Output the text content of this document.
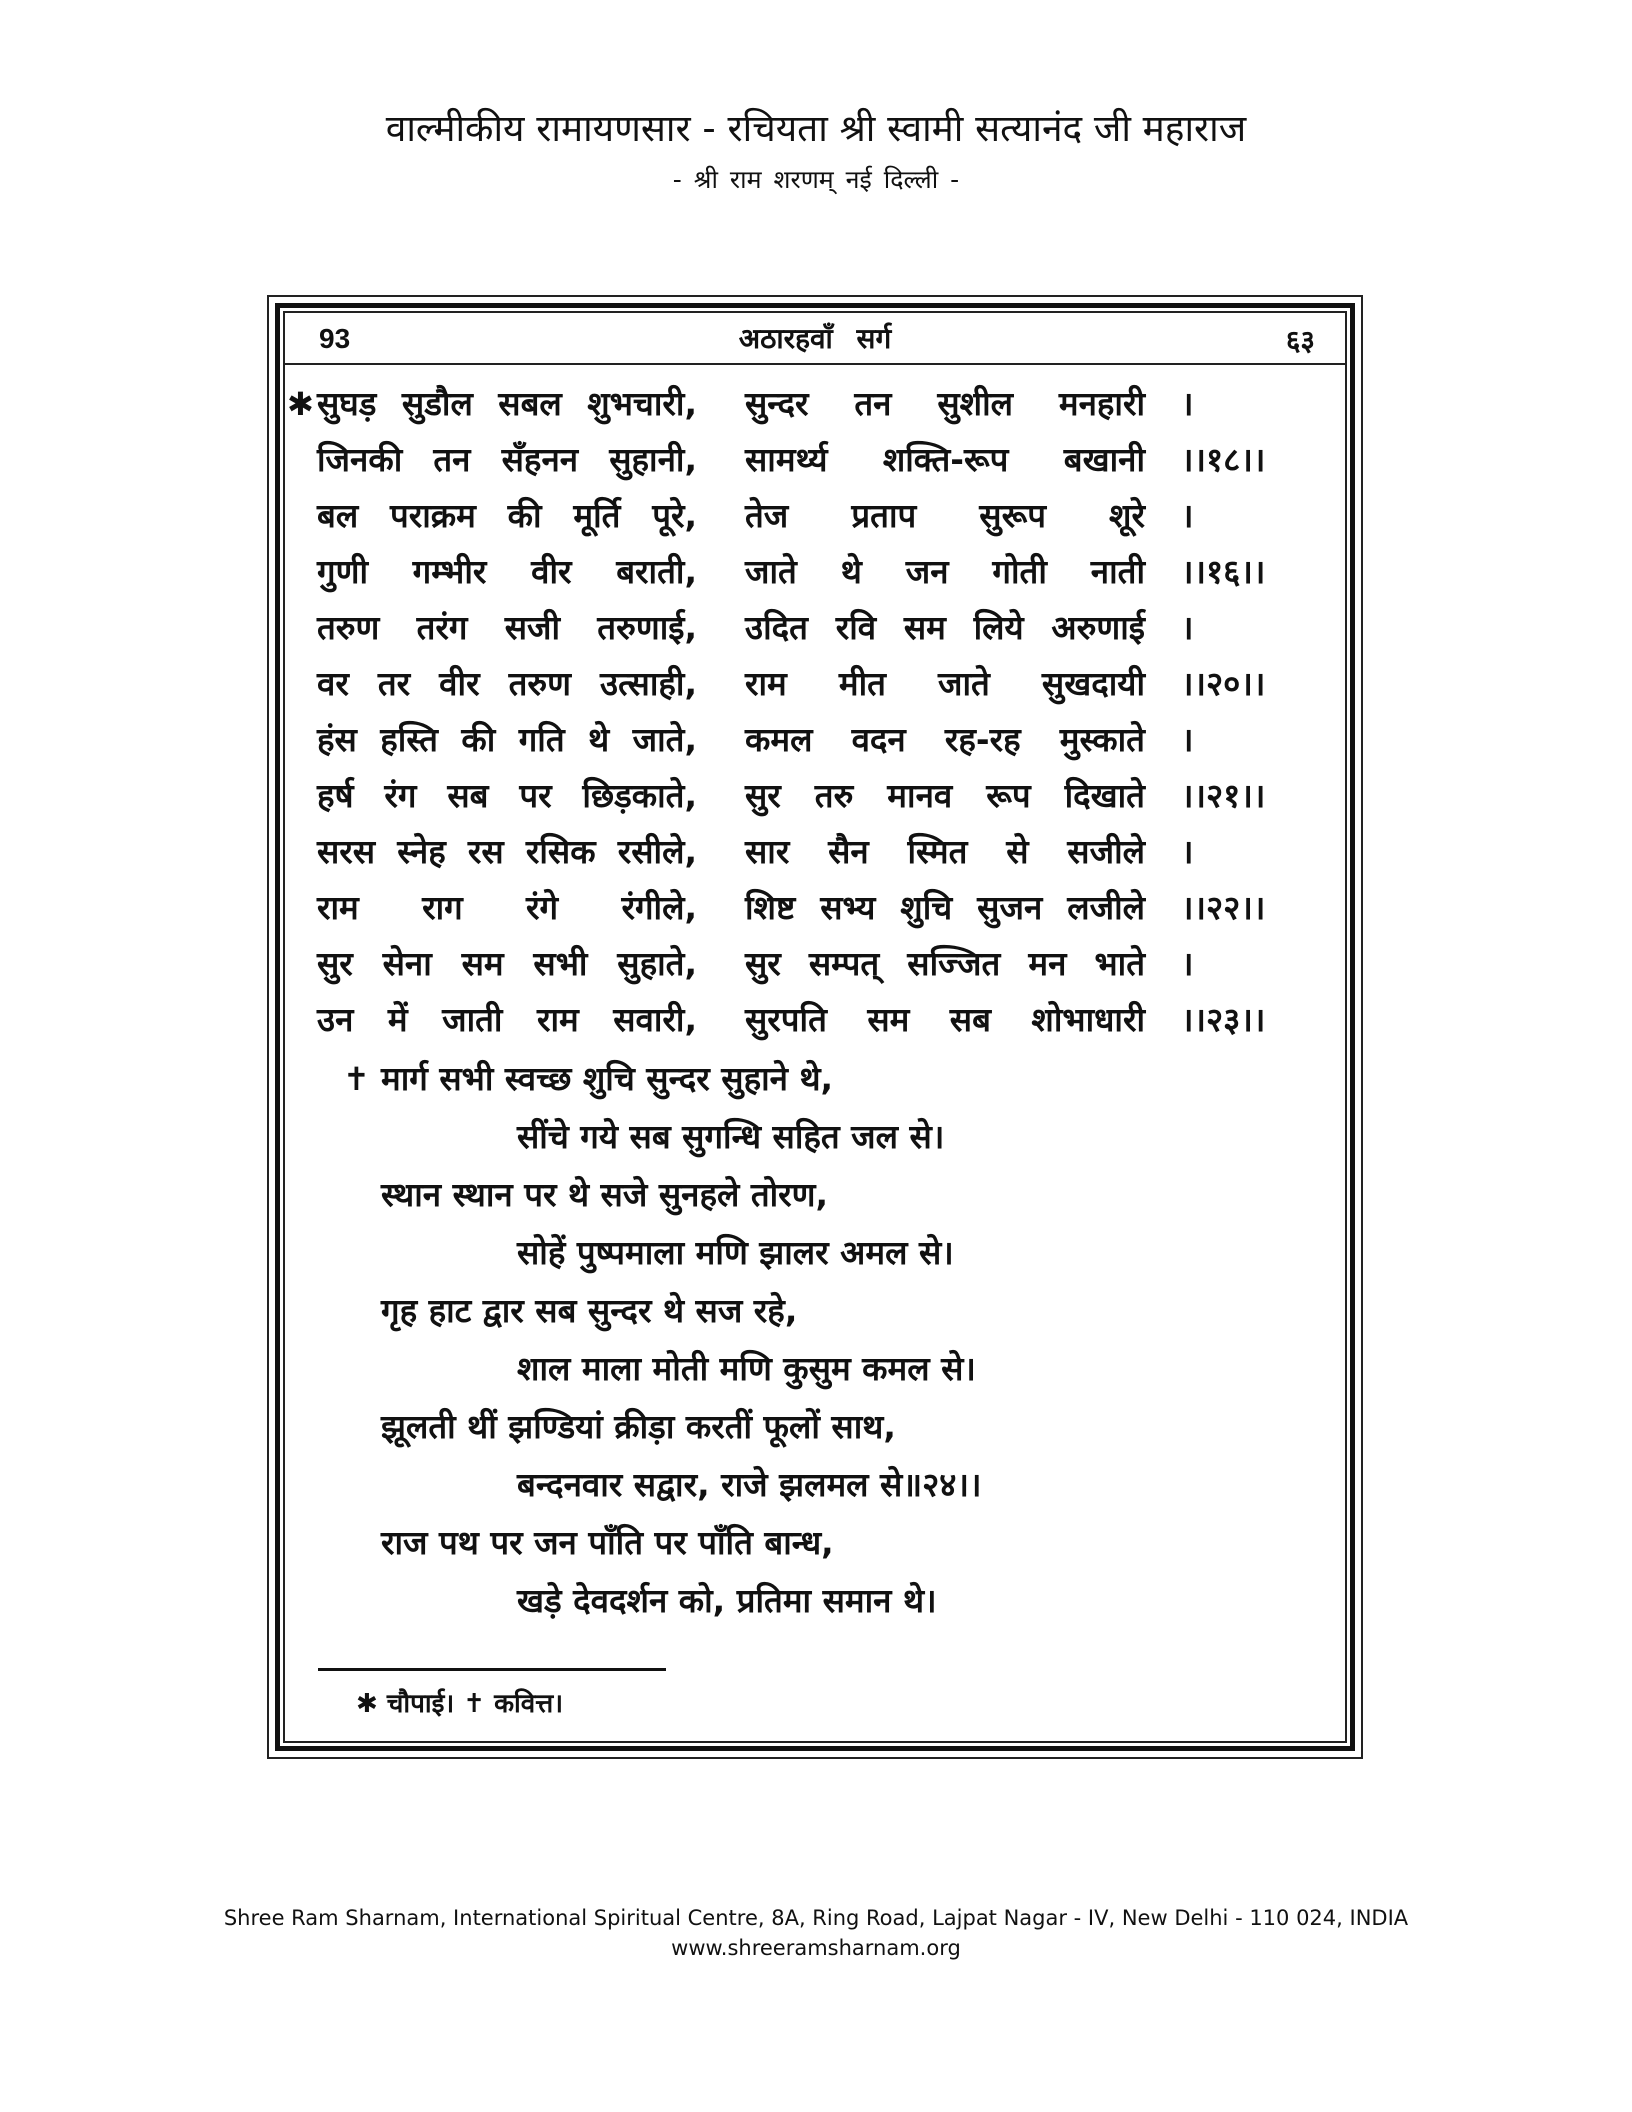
वाल्मीकीय रामायणसार - रचियता श्री स्वामी सत्यानंद जी महाराज
- श्री राम शरणम् नई दिल्ली -
93	अठारहवाँ सर्ग	६३
✱ सुघड़ सुडौल सबल शुभचारी, सुन्दर तन सुशील मनहारी ।
जिनकी तन सँहनन सुहानी, सामर्थ्य शक्ति-रूप बखानी ।।१८।।
बल पराक्रम की मूर्ति पूरे, तेज प्रताप सुरूप शूरे ।
गुणी गम्भीर वीर बराती, जाते थे जन गोती नाती ।।१६।।
तरुण तरंग सजी तरुणाई, उदित रवि सम लिये अरुणाई ।
वर तर वीर तरुण उत्साही, राम मीत जाते सुखदायी ।।२०।।
हंस हस्ति की गति थे जाते, कमल वदन रह-रह मुस्काते ।
हर्ष रंग सब पर छिड़काते, सुर तरु मानव रूप दिखाते ।।२१।।
सरस स्नेह रस रसिक रसीले, सार सैन स्मित से सजीले ।
राम राग रंगे रंगीले, शिष्ट सभ्य शुचि सुजन लजीले ।।२२।।
सुर सेना सम सभी सुहाते, सुर सम्पत् सज्जित मन भाते ।
उन में जाती राम सवारी, सुरपति सम सब शोभाधारी ।।२३।।
✝ मार्ग सभी स्वच्छ शुचि सुन्दर सुहाने थे,
सींचे गये सब सुगन्धि सहित जल से।
स्थान स्थान पर थे सजे सुनहले तोरण,
सोहें पुष्पमाला मणि झालर अमल से।
गृह हाट द्वार सब सुन्दर थे सज रहे,
शाल माला मोती मणि कुसुम कमल से।
झूलती थीं झण्डियां क्रीड़ा करतीं फूलों साथ,
बन्दनवार सद्वार, राजे झलमल से॥२४।।
राज पथ पर जन पाँति पर पाँति बान्ध,
खड़े देवदर्शन को, प्रतिमा समान थे।
✱ चौपाई। ✝ कवित्त।
Shree Ram Sharnam, International Spiritual Centre, 8A, Ring Road, Lajpat Nagar - IV, New Delhi - 110 024, INDIA
www.shreeramsharnam.org
